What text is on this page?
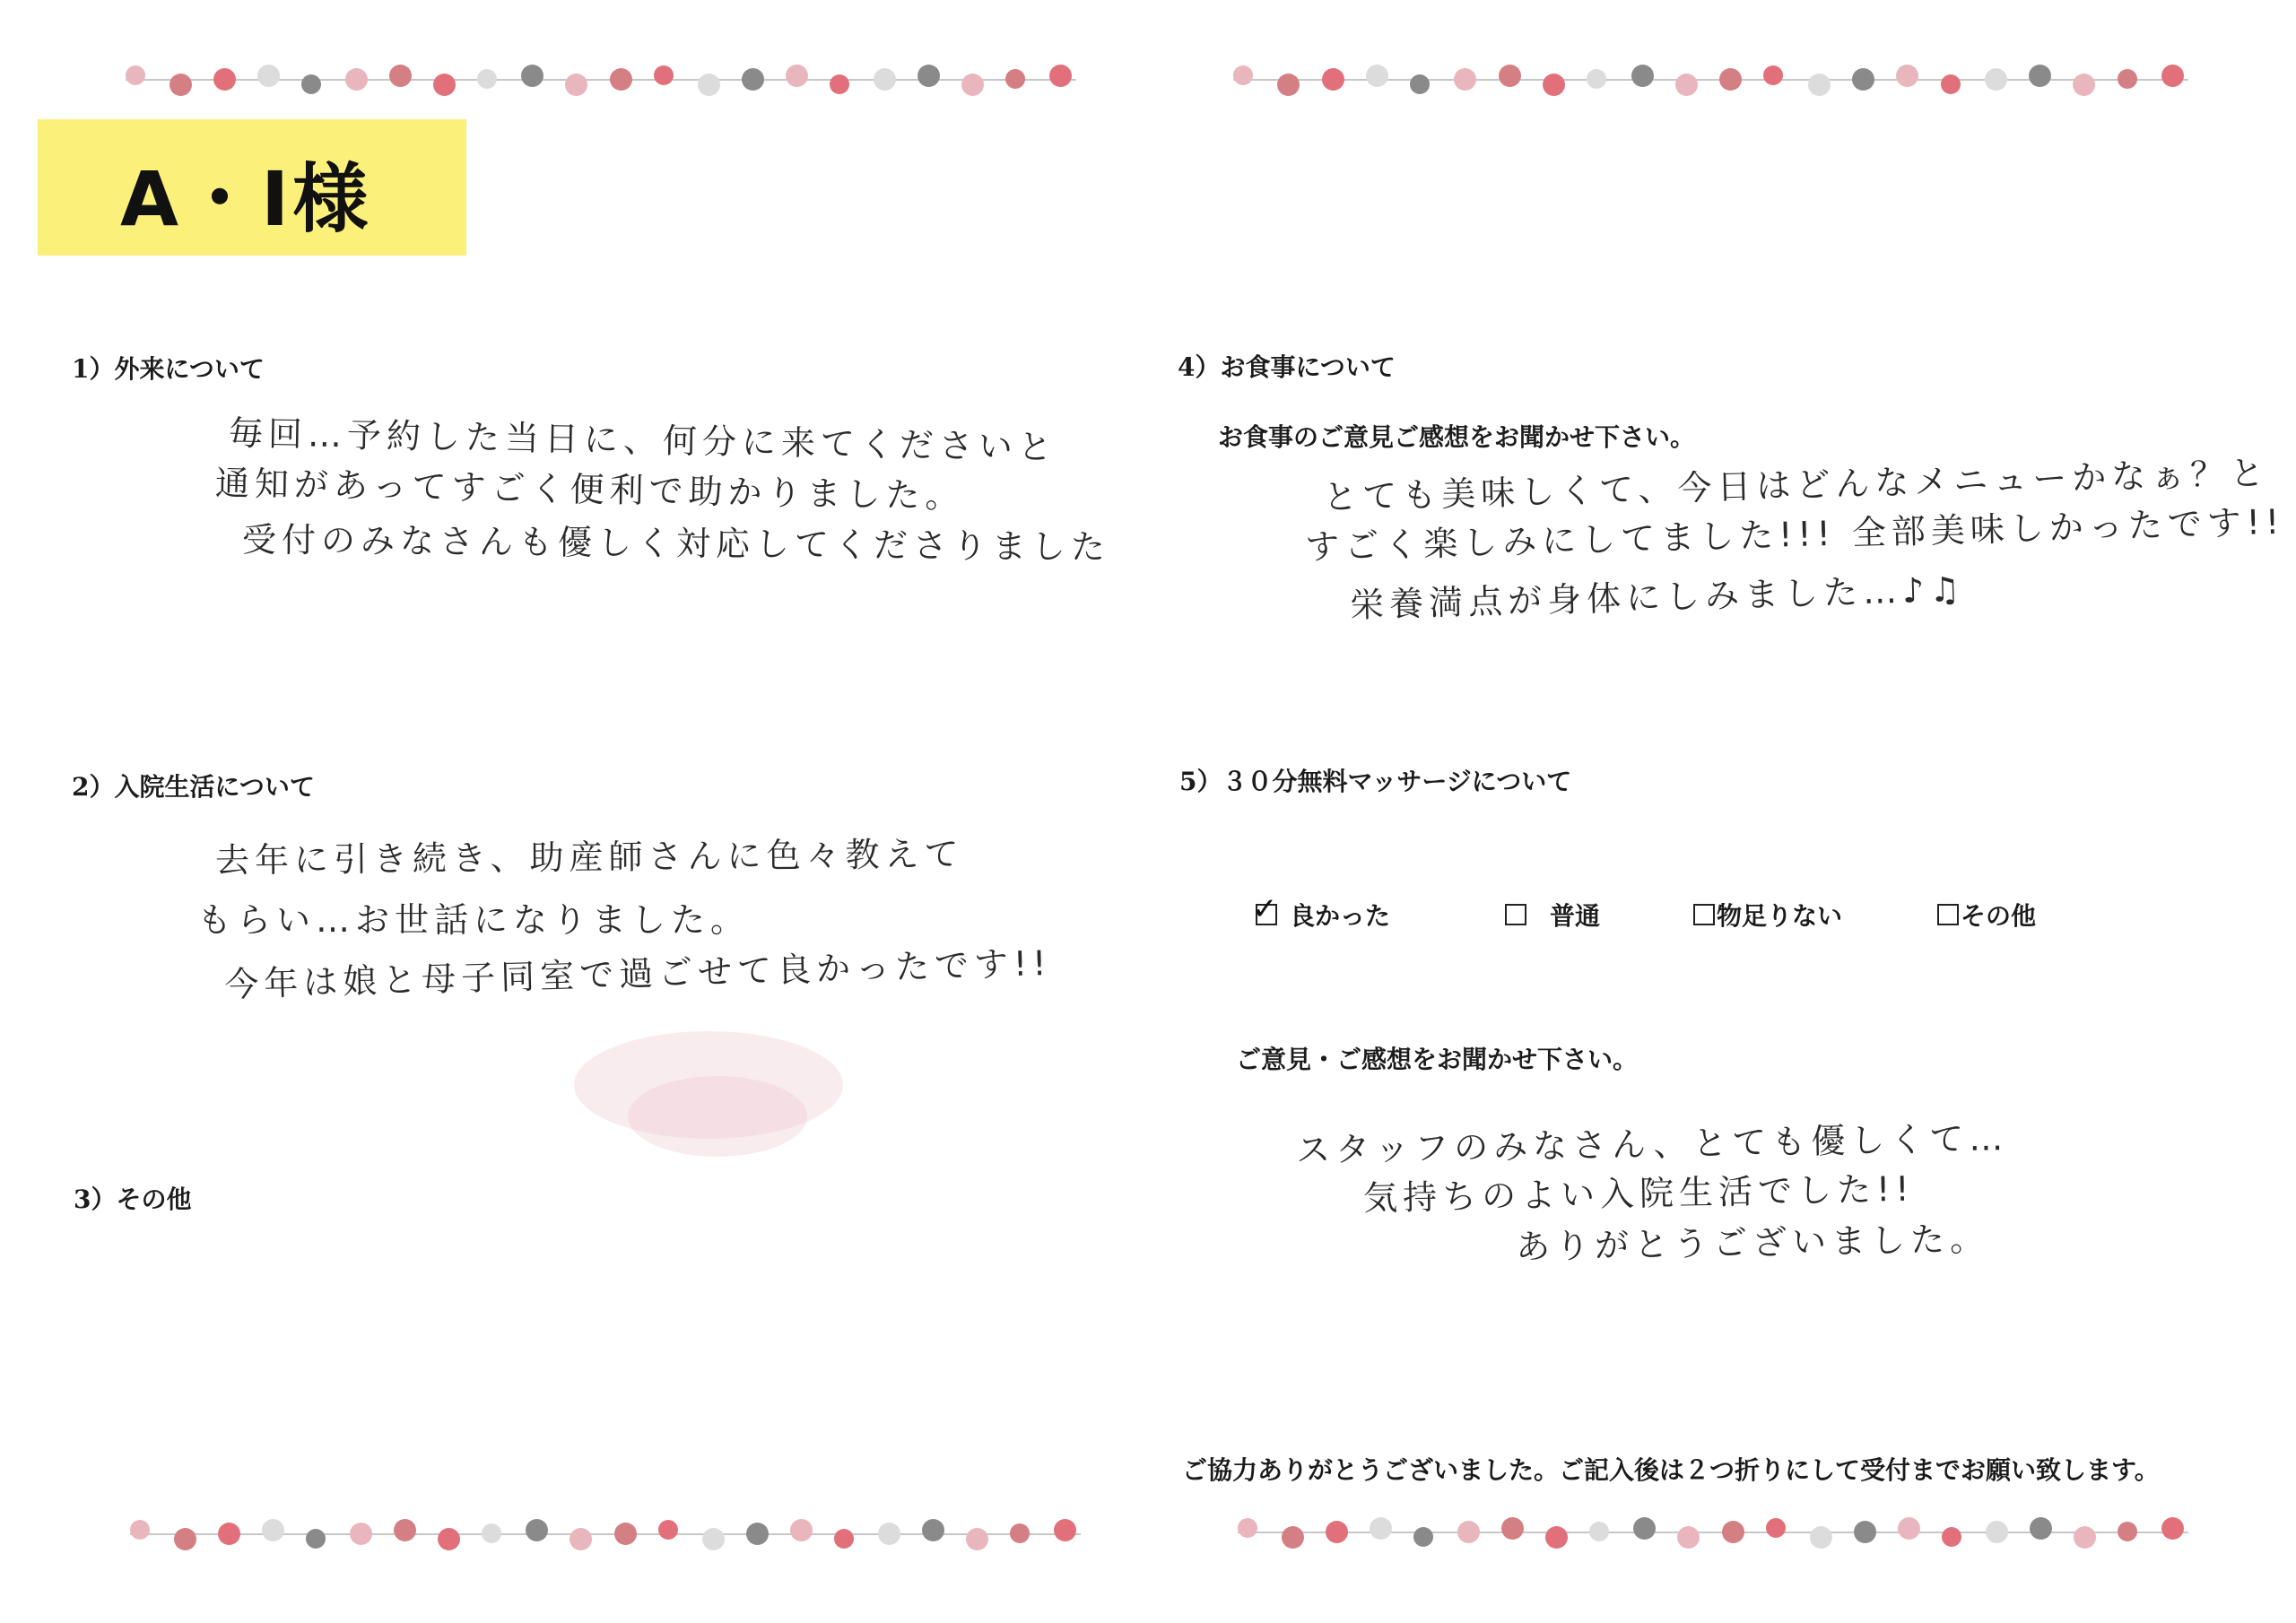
A・I様
1）外来について
毎回…予約した当日に、何分に来てくださいと
通知があってすごく便利で助かりました。
受付のみなさんも優しく対応してくださりました
2）入院生活について
去年に引き続き、助産師さんに色々教えて
もらい…お世話になりました。
今年は娘と母子同室で過ごせて良かったです!!
3）その他
4）お食事について
お食事のご意見ご感想をお聞かせ下さい。
とても美味しくて、今日はどんなメニューかなぁ？と
すごく楽しみにしてました!!! 全部美味しかったです!!
栄養満点が身体にしみました…♪♫
5）３０分無料マッサージについて
✓ 良かった	普通	物足りない	その他
ご意見・ご感想をお聞かせ下さい。
スタッフのみなさん、とても優しくて…
気持ちのよい入院生活でした!!
ありがとうございました。
ご協力ありがとうございました。ご記入後は２つ折りにして受付までお願い致します。
